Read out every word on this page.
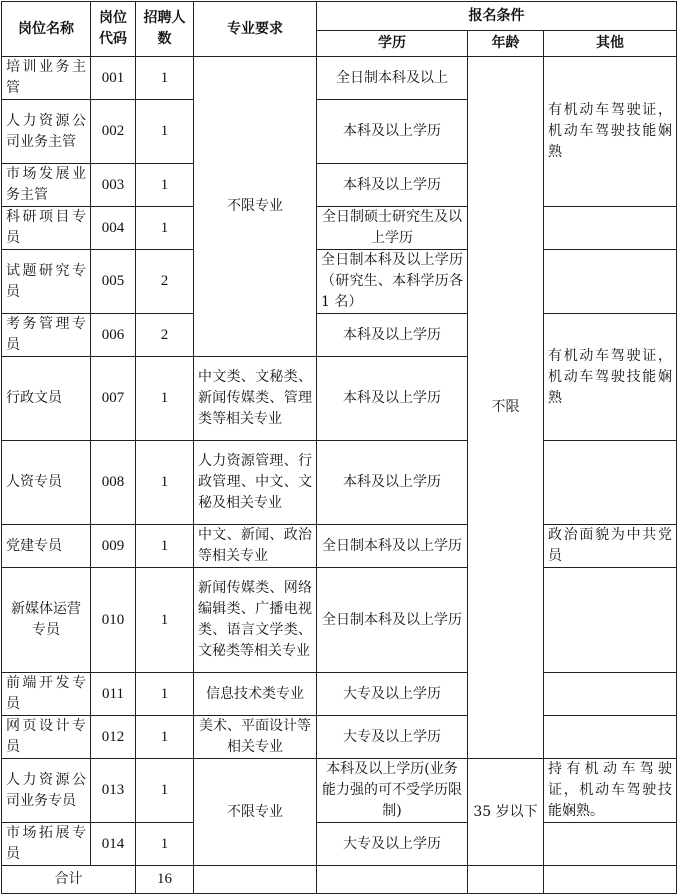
岗位名称	岗位代码	招聘人数	专业要求	报名条件		
				学历	年龄	其他
培训业务主管	001	1	不限专业	全日制本科及以上	不限	有机动车驾驶证，机动车驾驶技能娴熟
人力资源公司业务主管	002	1		本科及以上学历		
市场发展业务主管	003	1		本科及以上学历		
科研项目专员	004	1		全日制硕士研究生及以上学历		
试题研究专员	005	2		全日制本科及以上学历（研究生、本科学历各 1 名）		
考务管理专员	006	2		本科及以上学历		有机动车驾驶证，机动车驾驶技能娴熟
行政文员	007	1	中文类、文秘类、新闻传媒类、管理类等相关专业	本科及以上学历		
人资专员	008	1	人力资源管理、行政管理、中文、文秘及相关专业	本科及以上学历		
党建专员	009	1	中文、新闻、政治等相关专业	全日制本科及以上学历		政治面貌为中共党员
新媒体运营专员	010	1	新闻传媒类、网络编辑类、广播电视类、语言文学类、文秘类等相关专业	全日制本科及以上学历		
前端开发专员	011	1	信息技术类专业	大专及以上学历		
网页设计专员	012	1	美术、平面设计等相关专业	大专及以上学历		
人力资源公司业务专员	013	1	不限专业	本科及以上学历(业务能力强的可不受学历限制)	35 岁以下	持有机动车驾驶证，机动车驾驶技能娴熟。
市场拓展专员	014	1		大专及以上学历		
合计		16				
